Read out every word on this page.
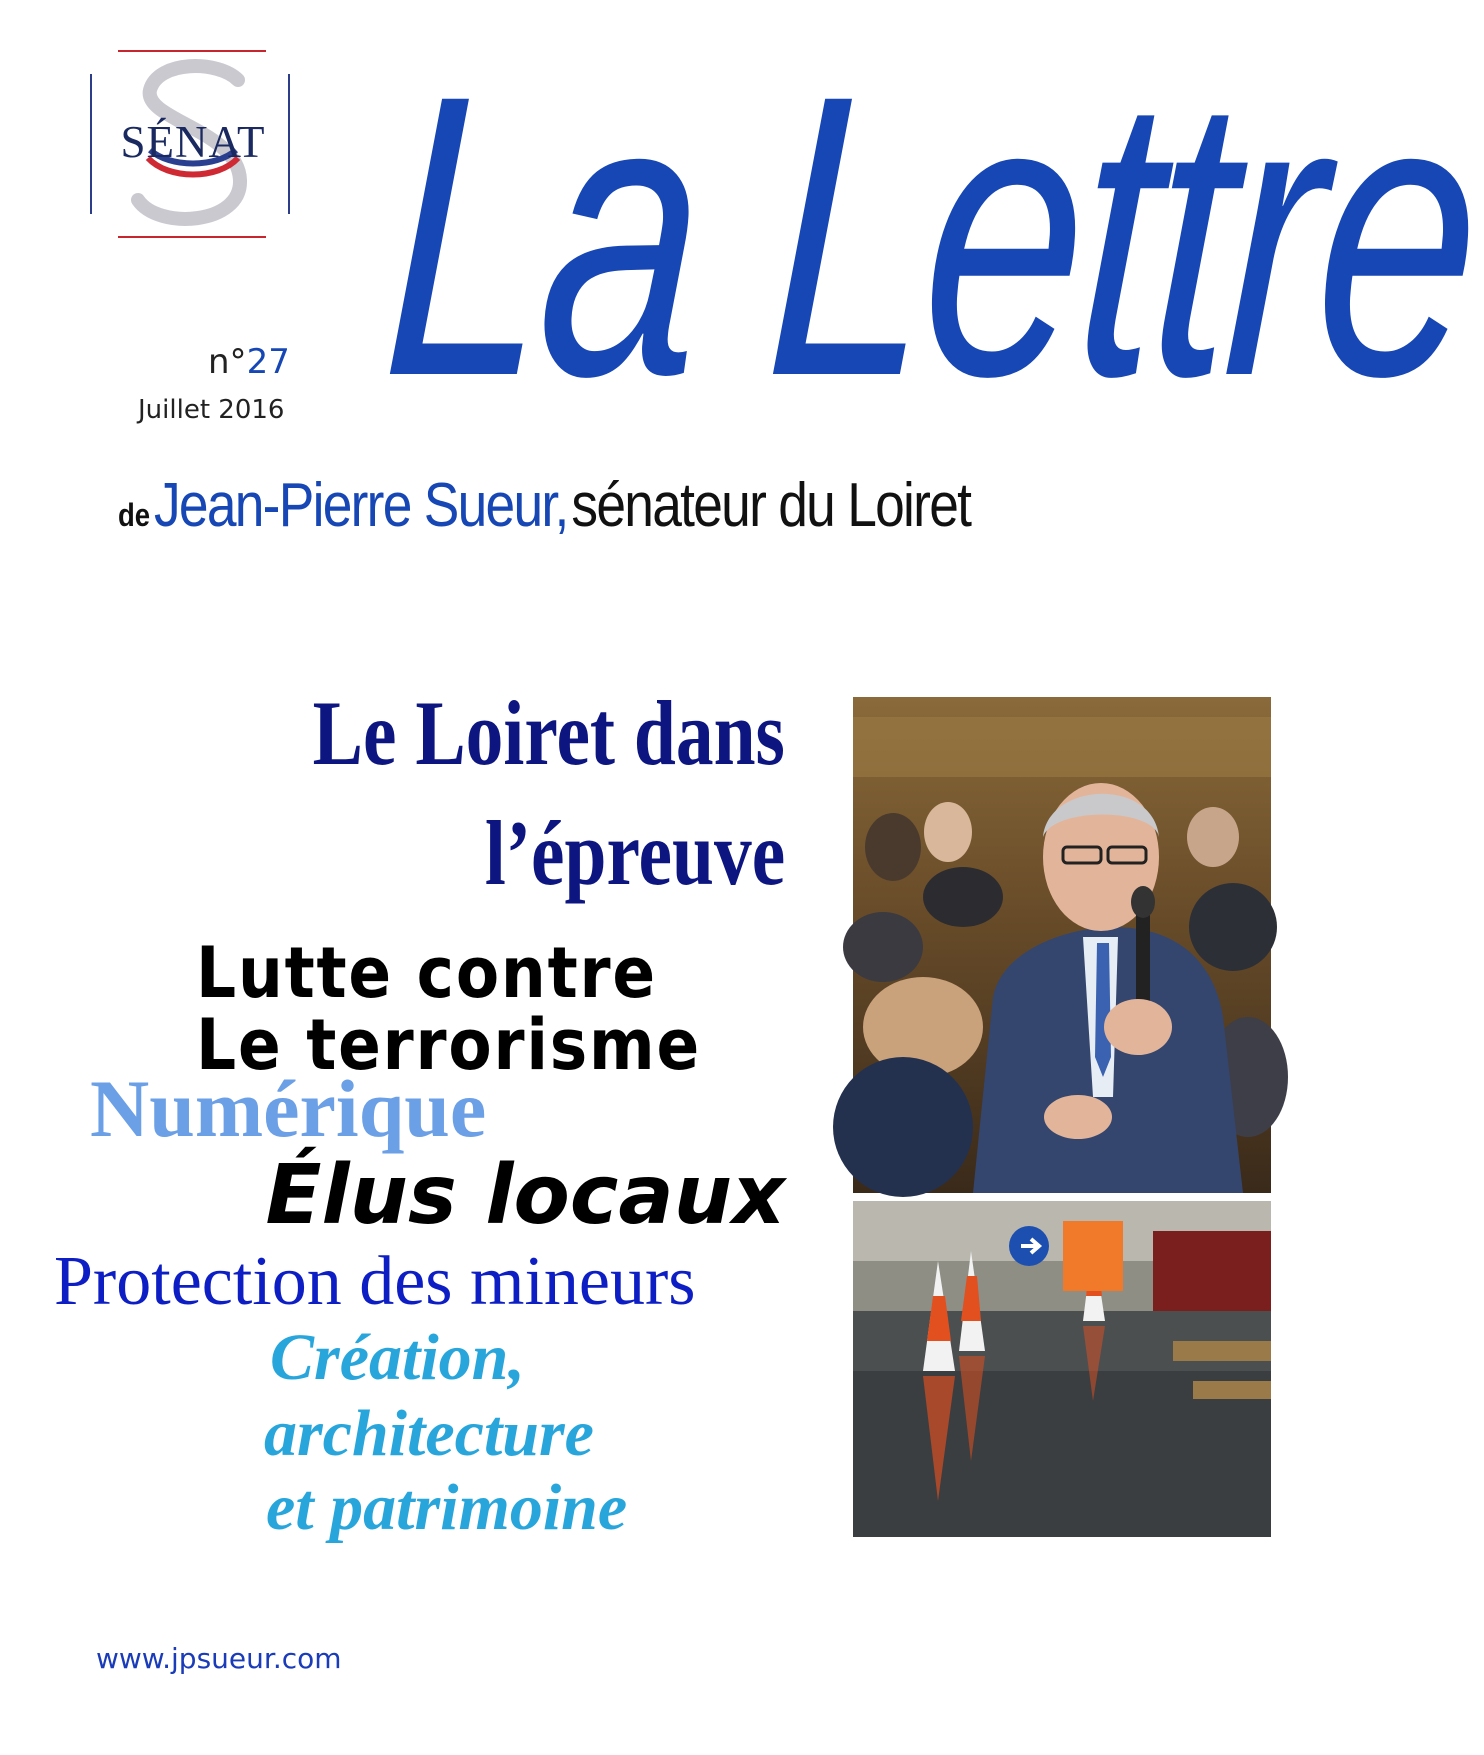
SÉNAT La Lettre
n°27
Juillet 2016
de Jean-Pierre Sueur, sénateur du Loiret
Le Loiret dans
l’épreuve
Lutte contre
Le terrorisme
Numérique
Élus locaux
Protection des mineurs
Création,
architecture
et patrimoine
www.jpsueur.com
